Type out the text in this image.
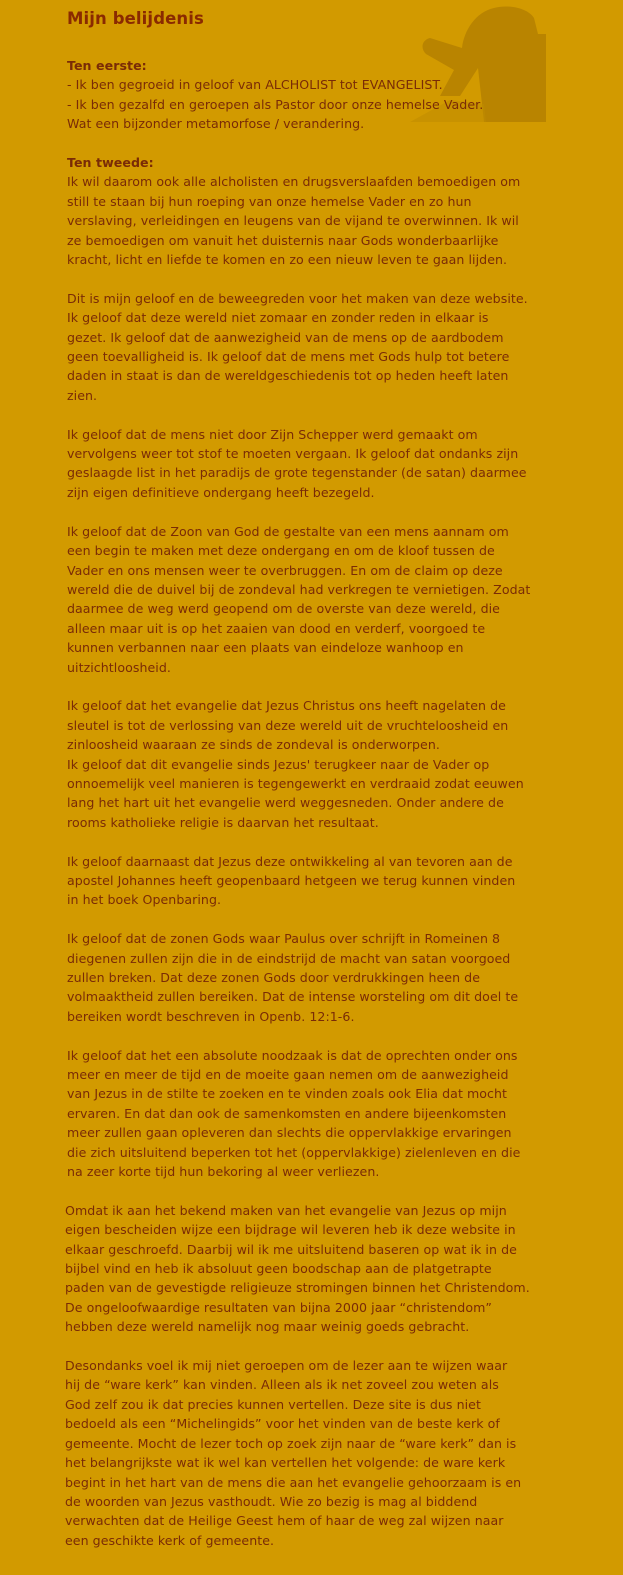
Mijn belijdenis

Ten eerste:
- Ik ben gegroeid in geloof van ALCHOLIST tot EVANGELIST.
- Ik ben gezalfd en geroepen als Pastor door onze hemelse Vader.
Wat een bijzonder metamorfose / verandering.

Ten tweede:
Ik wil daarom ook alle alcholisten en drugsverslaafden bemoedigen om
still te staan bij hun roeping van onze hemelse Vader en zo hun
verslaving, verleidingen en leugens van de vijand te overwinnen. Ik wil
ze bemoedigen om vanuit het duisternis naar Gods wonderbaarlijke
kracht, licht en liefde te komen en zo een nieuw leven te gaan lijden.

Dit is mijn geloof en de beweegreden voor het maken van deze website.
Ik geloof dat deze wereld niet zomaar en zonder reden in elkaar is
gezet. Ik geloof dat de aanwezigheid van de mens op de aardbodem
geen toevalligheid is. Ik geloof dat de mens met Gods hulp tot betere
daden in staat is dan de wereldgeschiedenis tot op heden heeft laten
zien.

Ik geloof dat de mens niet door Zijn Schepper werd gemaakt om
vervolgens weer tot stof te moeten vergaan. Ik geloof dat ondanks zijn
geslaagde list in het paradijs de grote tegenstander (de satan) daarmee
zijn eigen definitieve ondergang heeft bezegeld.

Ik geloof dat de Zoon van God de gestalte van een mens aannam om
een begin te maken met deze ondergang en om de kloof tussen de
Vader en ons mensen weer te overbruggen. En om de claim op deze
wereld die de duivel bij de zondeval had verkregen te vernietigen. Zodat
daarmee de weg werd geopend om de overste van deze wereld, die
alleen maar uit is op het zaaien van dood en verderf, voorgoed te
kunnen verbannen naar een plaats van eindeloze wanhoop en
uitzichtloosheid.

Ik geloof dat het evangelie dat Jezus Christus ons heeft nagelaten de
sleutel is tot de verlossing van deze wereld uit de vruchteloosheid en
zinloosheid waaraan ze sinds de zondeval is onderworpen.
Ik geloof dat dit evangelie sinds Jezus' terugkeer naar de Vader op
onnoemelijk veel manieren is tegengewerkt en verdraaid zodat eeuwen
lang het hart uit het evangelie werd weggesneden. Onder andere de
rooms katholieke religie is daarvan het resultaat.

Ik geloof daarnaast dat Jezus deze ontwikkeling al van tevoren aan de
apostel Johannes heeft geopenbaard hetgeen we terug kunnen vinden
in het boek Openbaring.

Ik geloof dat de zonen Gods waar Paulus over schrijft in Romeinen 8
diegenen zullen zijn die in de eindstrijd de macht van satan voorgoed
zullen breken. Dat deze zonen Gods door verdrukkingen heen de
volmaaktheid zullen bereiken. Dat de intense worsteling om dit doel te
bereiken wordt beschreven in Openb. 12:1-6.

Ik geloof dat het een absolute noodzaak is dat de oprechten onder ons
meer en meer de tijd en de moeite gaan nemen om de aanwezigheid
van Jezus in de stilte te zoeken en te vinden zoals ook Elia dat mocht
ervaren. En dat dan ook de samenkomsten en andere bijeenkomsten
meer zullen gaan opleveren dan slechts die oppervlakkige ervaringen
die zich uitsluitend beperken tot het (oppervlakkige) zielenleven en die
na zeer korte tijd hun bekoring al weer verliezen.

Omdat ik aan het bekend maken van het evangelie van Jezus op mijn
eigen bescheiden wijze een bijdrage wil leveren heb ik deze website in
elkaar geschroefd. Daarbij wil ik me uitsluitend baseren op wat ik in de
bijbel vind en heb ik absoluut geen boodschap aan de platgetrapte
paden van de gevestigde religieuze stromingen binnen het Christendom.
De ongeloofwaardige resultaten van bijna 2000 jaar “christendom”
hebben deze wereld namelijk nog maar weinig goeds gebracht.

Desondanks voel ik mij niet geroepen om de lezer aan te wijzen waar
hij de “ware kerk” kan vinden. Alleen als ik net zoveel zou weten als
God zelf zou ik dat precies kunnen vertellen. Deze site is dus niet
bedoeld als een “Michelingids” voor het vinden van de beste kerk of
gemeente. Mocht de lezer toch op zoek zijn naar de “ware kerk” dan is
het belangrijkste wat ik wel kan vertellen het volgende: de ware kerk
begint in het hart van de mens die aan het evangelie gehoorzaam is en
de woorden van Jezus vasthoudt. Wie zo bezig is mag al biddend
verwachten dat de Heilige Geest hem of haar de weg zal wijzen naar
een geschikte kerk of gemeente.
